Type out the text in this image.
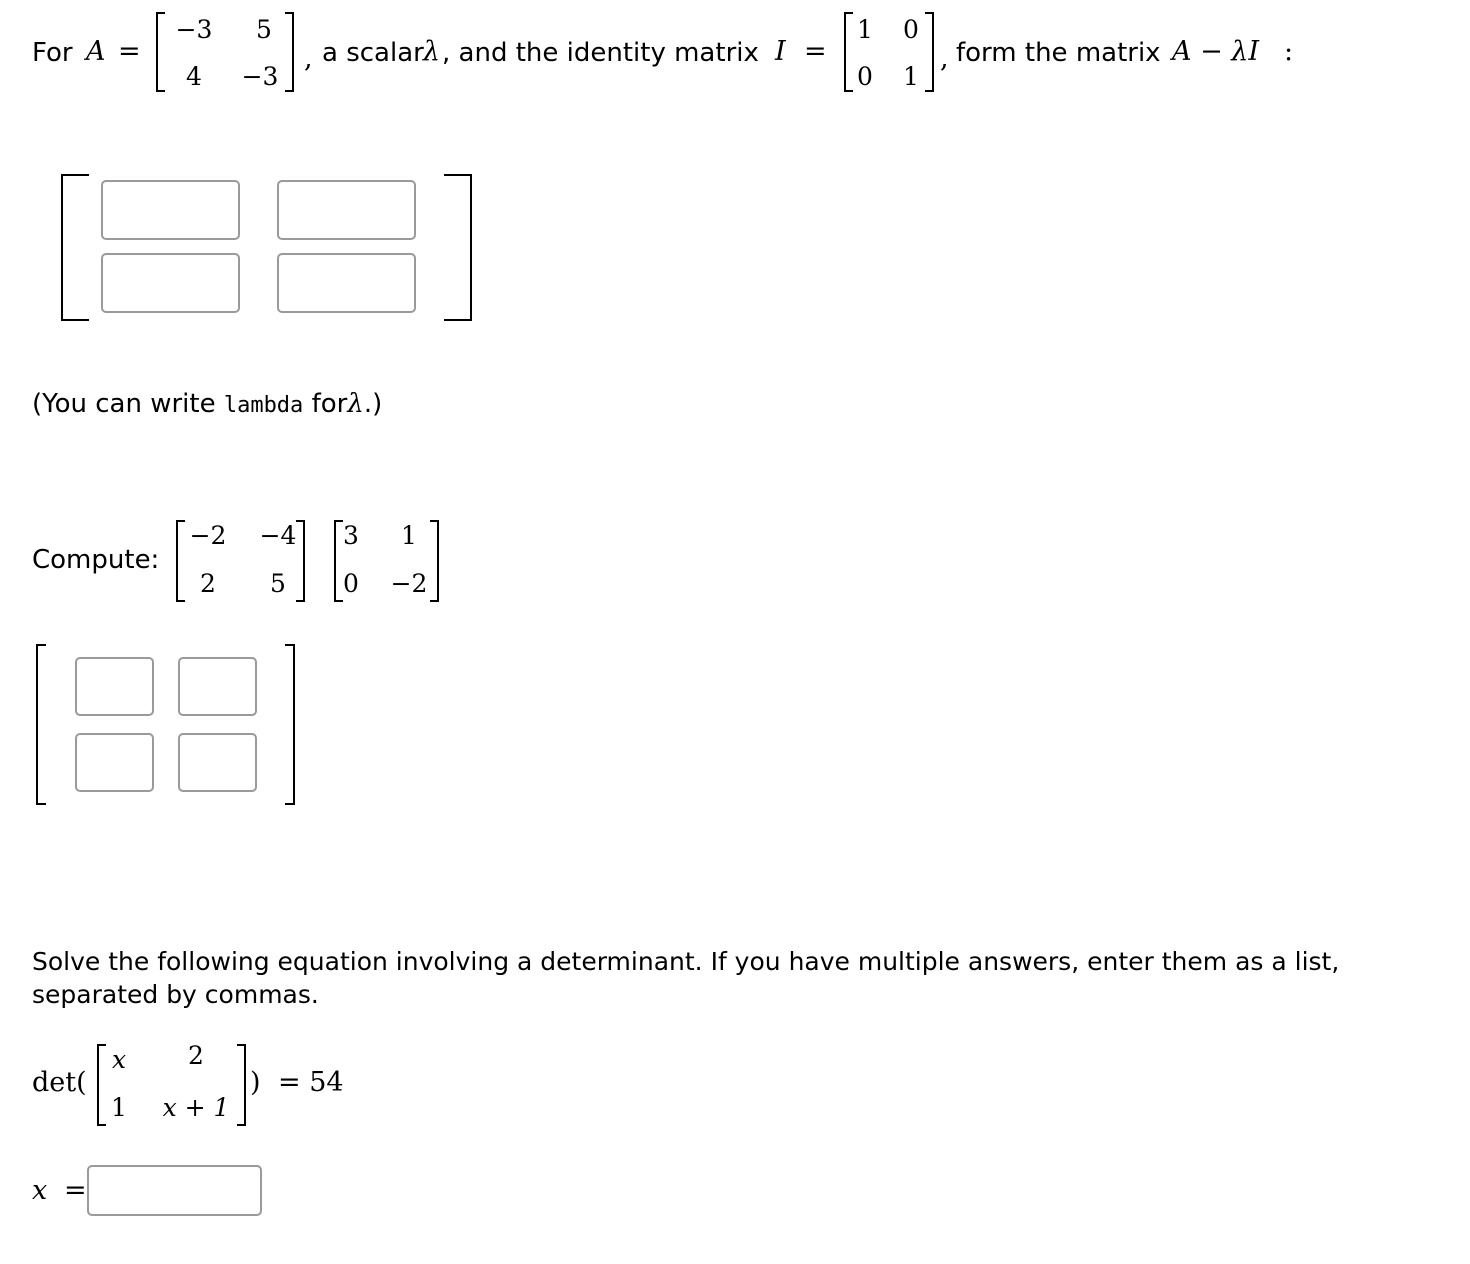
For A =
−3	5
4	−3
, a scalar λ , and the identity matrix I =
1 0
0 1
, form the matrix A − λI :
(You can write lambda forλ.)
Compute:
−2	−4
2	5
3	1
0	−2
Solve the following equation involving a determinant. If you have multiple answers, enter them as a list,
separated by commas.
det(
x	2
1 x + 1
) = 54
x =
